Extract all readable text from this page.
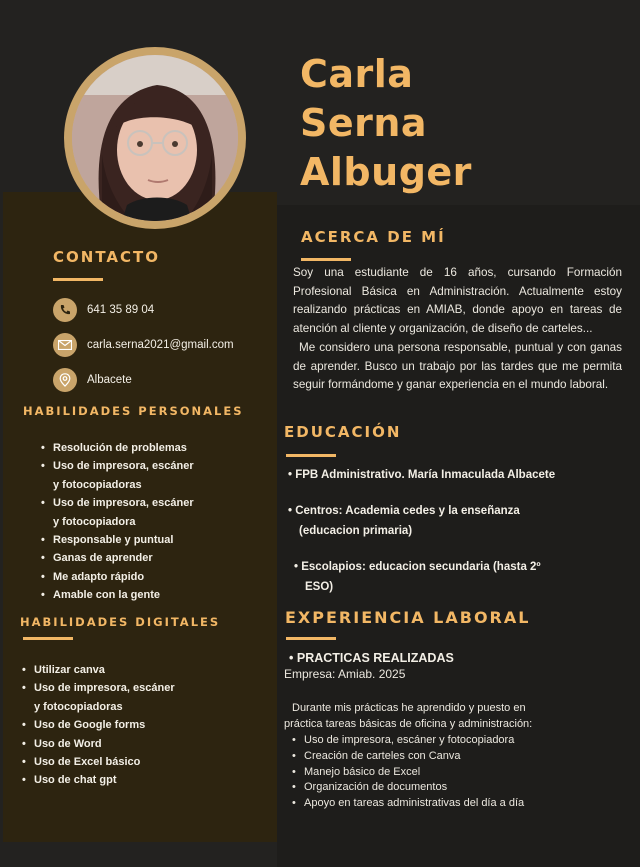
Carla
Serna
Albuger
CONTACTO
641 35 89 04
carla.serna2021@gmail.com
Albacete
HABILIDADES PERSONALES
• Resolución de problemas
• Uso de impresora, escáner
y fotocopiadoras
• Uso de impresora, escáner
y fotocopiadora
• Responsable y puntual
• Ganas de aprender
• Me adapto rápido
• Amable con la gente
HABILIDADES DIGITALES
• Utilizar canva
• Uso de impresora, escáner
y fotocopiadoras
• Uso de Google forms
• Uso de Word
• Uso de Excel básico
• Uso de chat gpt
ACERCA DE MÍ
Soy una estudiante de 16 años, cursando Formación Profesional Básica en Administración. Actualmente estoy realizando prácticas en AMIAB, donde apoyo en tareas de atención al cliente y organización, de diseño de carteles...
Me considero una persona responsable, puntual y con ganas de aprender. Busco un trabajo por las tardes que me permita seguir formándome y ganar experiencia en el mundo laboral.
EDUCACIÓN
• FPB Administrativo. María Inmaculada Albacete
• Centros: Academia cedes y la enseñanza
(educacion primaria)
• Escolapios: educacion secundaria (hasta 2º
ESO)
EXPERIENCIA LABORAL
• PRACTICAS REALIZADAS
Empresa: Amiab. 2025
Durante mis prácticas he aprendido y puesto en
práctica tareas básicas de oficina y administración:
• Uso de impresora, escáner y fotocopiadora
• Creación de carteles con Canva
• Manejo básico de Excel
• Organización de documentos
• Apoyo en tareas administrativas del día a día
